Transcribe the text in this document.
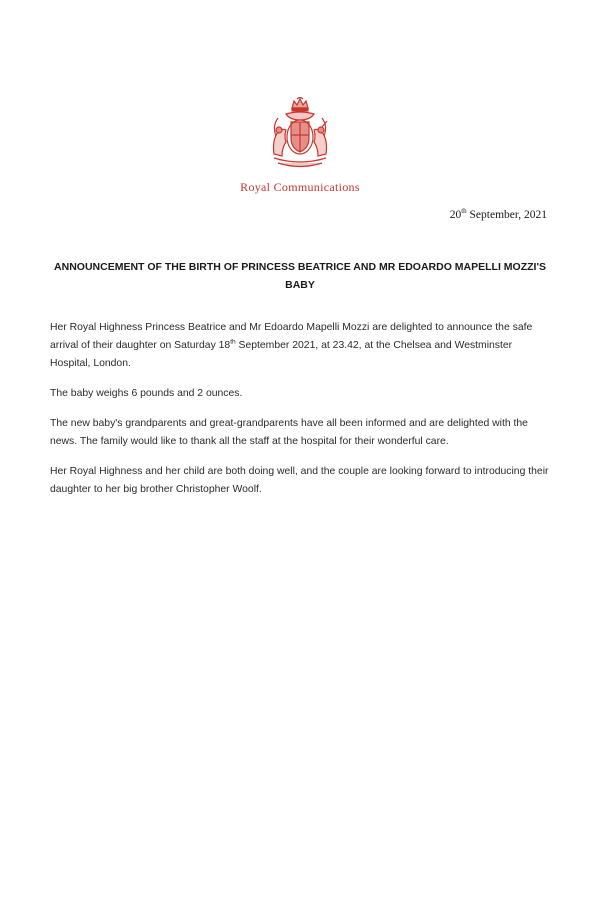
Royal Communications
20th September, 2021
ANNOUNCEMENT OF THE BIRTH OF PRINCESS BEATRICE AND MR EDOARDO MAPELLI MOZZI'S BABY

Her Royal Highness Princess Beatrice and Mr Edoardo Mapelli Mozzi are delighted to announce the safe arrival of their daughter on Saturday 18th September 2021, at 23.42, at the Chelsea and Westminster Hospital, London.

The baby weighs 6 pounds and 2 ounces.

The new baby's grandparents and great-grandparents have all been informed and are delighted with the news. The family would like to thank all the staff at the hospital for their wonderful care.

Her Royal Highness and her child are both doing well, and the couple are looking forward to introducing their daughter to her big brother Christopher Woolf.
